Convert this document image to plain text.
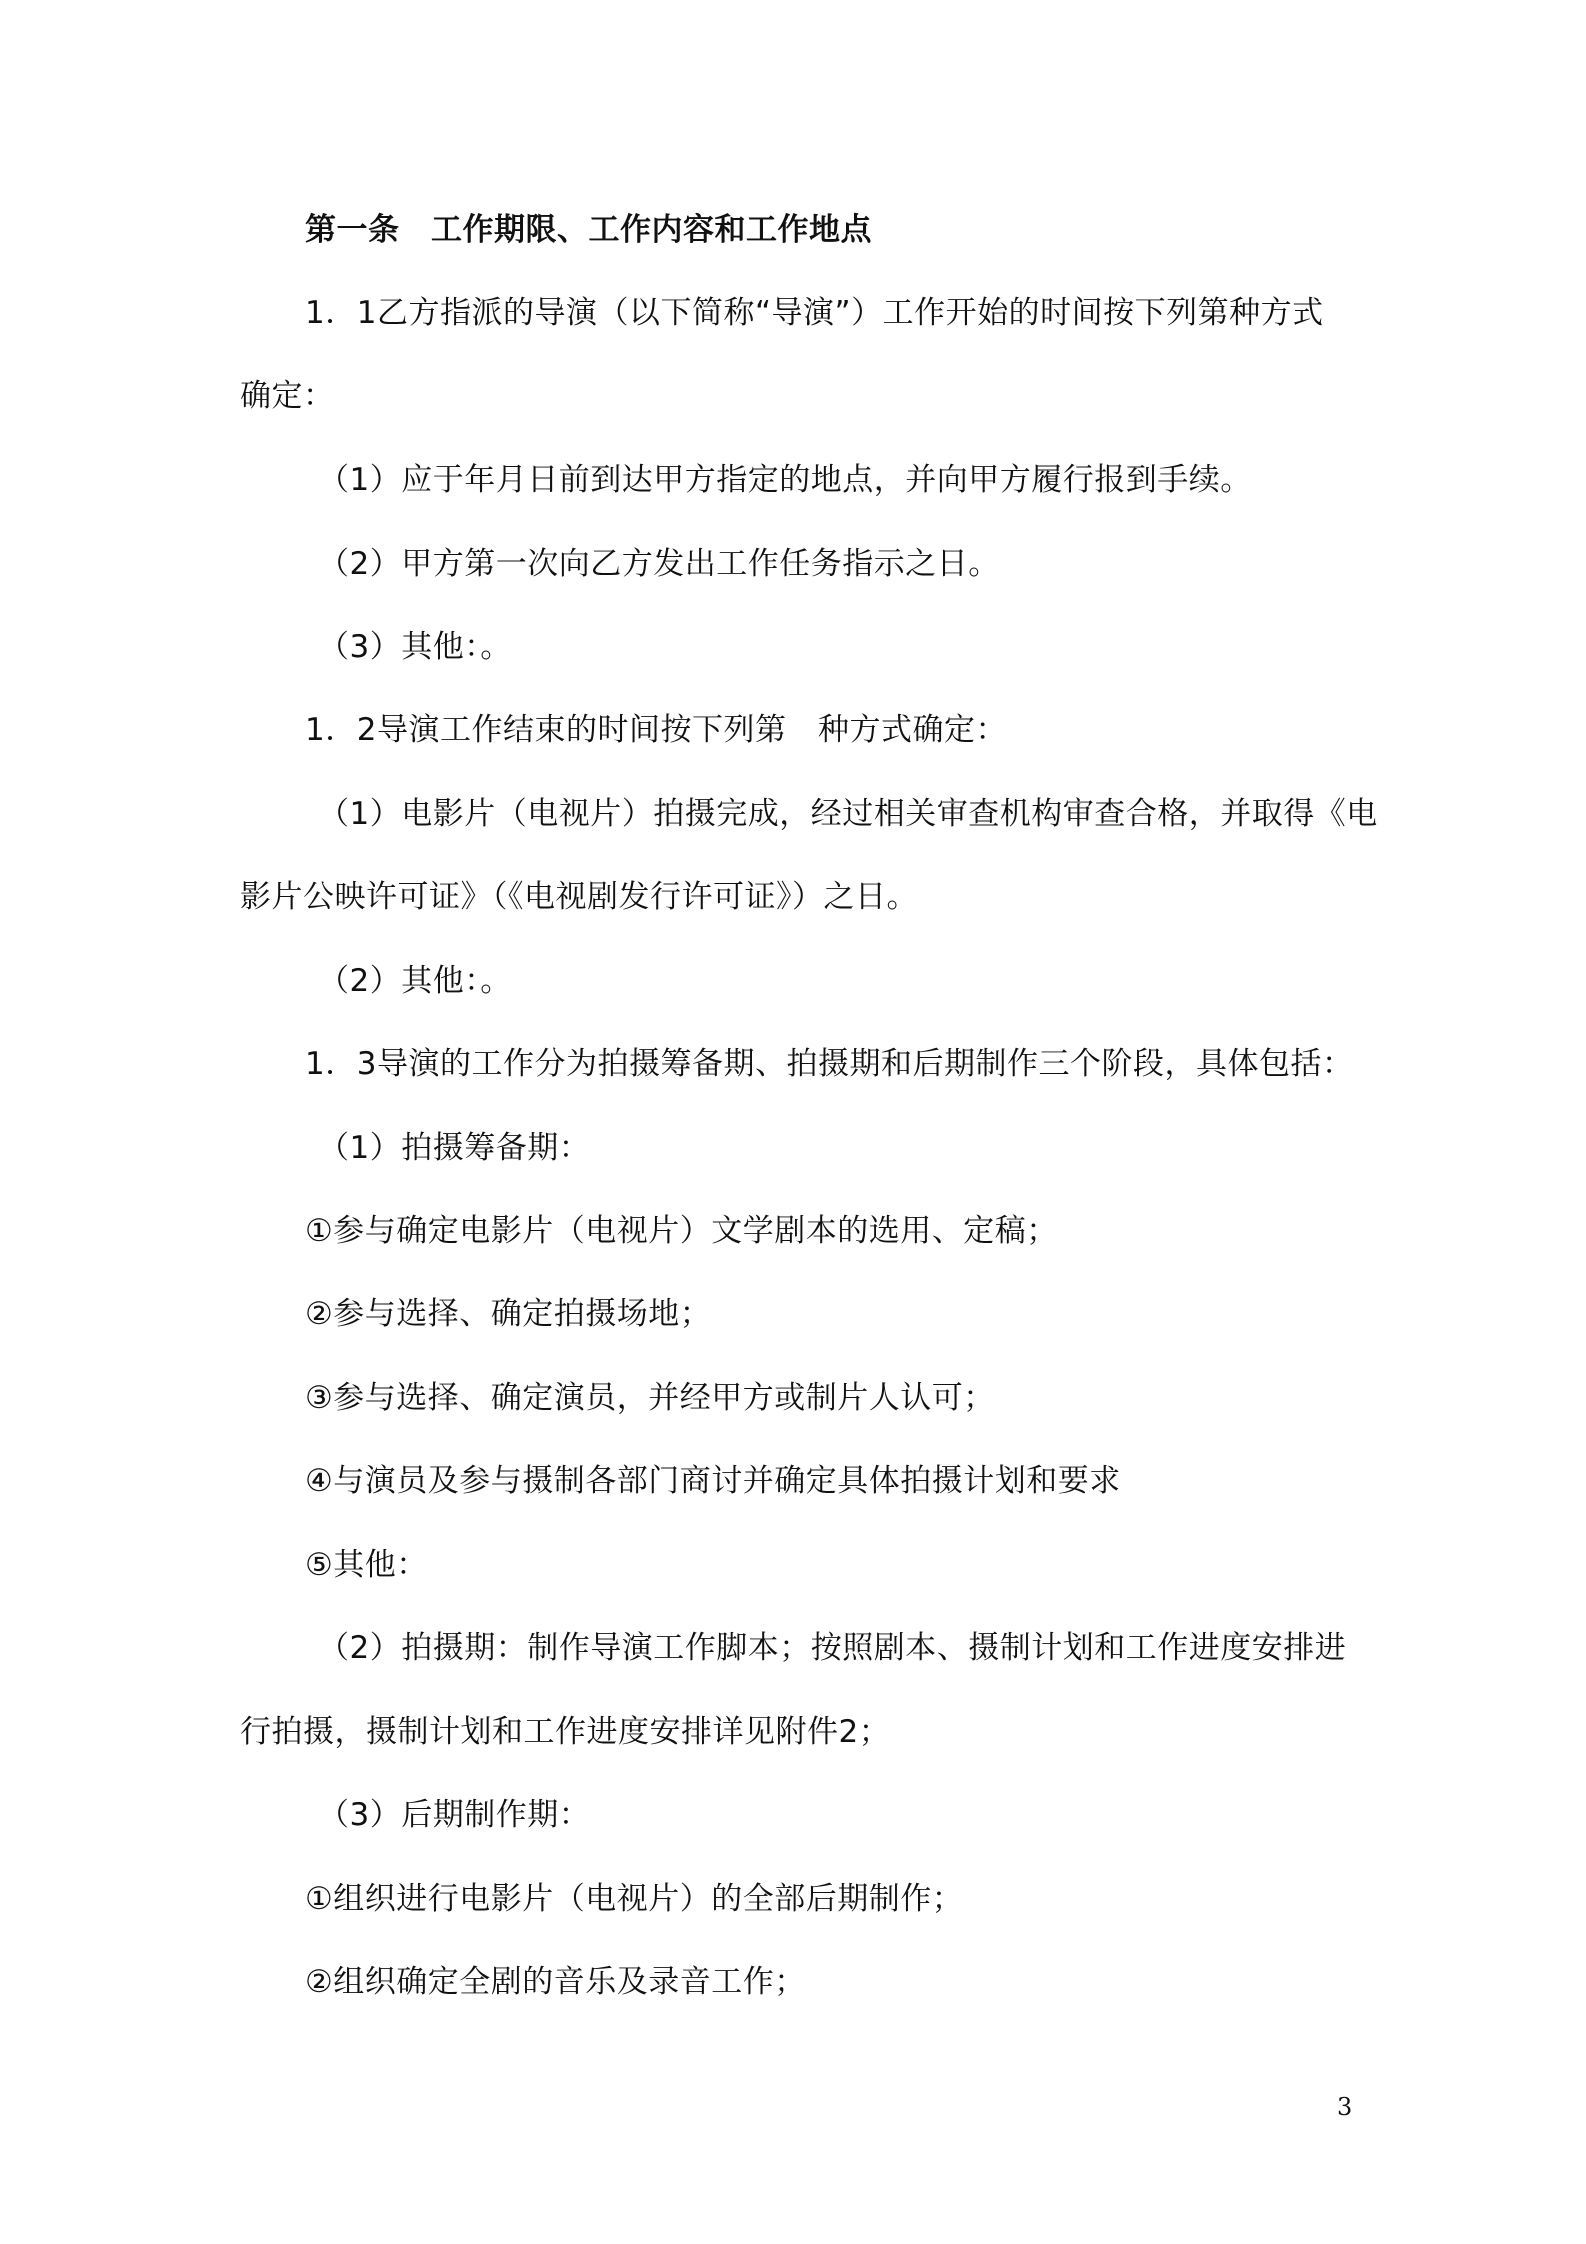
第一条　工作期限、工作内容和工作地点
1．1乙方指派的导演（以下简称“导演”）工作开始的时间按下列第种方式
确定：
（1）应于年月日前到达甲方指定的地点，并向甲方履行报到手续。
（2）甲方第一次向乙方发出工作任务指示之日。
（3）其他：。
1．2导演工作结束的时间按下列第　种方式确定：
（1）电影片（电视片）拍摄完成，经过相关审查机构审查合格，并取得《电
影片公映许可证》（《电视剧发行许可证》）之日。
（2）其他：。
1．3导演的工作分为拍摄筹备期、拍摄期和后期制作三个阶段，具体包括：
（1）拍摄筹备期：
①参与确定电影片（电视片）文学剧本的选用、定稿；
②参与选择、确定拍摄场地；
③参与选择、确定演员，并经甲方或制片人认可；
④与演员及参与摄制各部门商讨并确定具体拍摄计划和要求
⑤其他：
（2）拍摄期：制作导演工作脚本；按照剧本、摄制计划和工作进度安排进
行拍摄，摄制计划和工作进度安排详见附件2；
（3）后期制作期：
①组织进行电影片（电视片）的全部后期制作；
②组织确定全剧的音乐及录音工作；
3
